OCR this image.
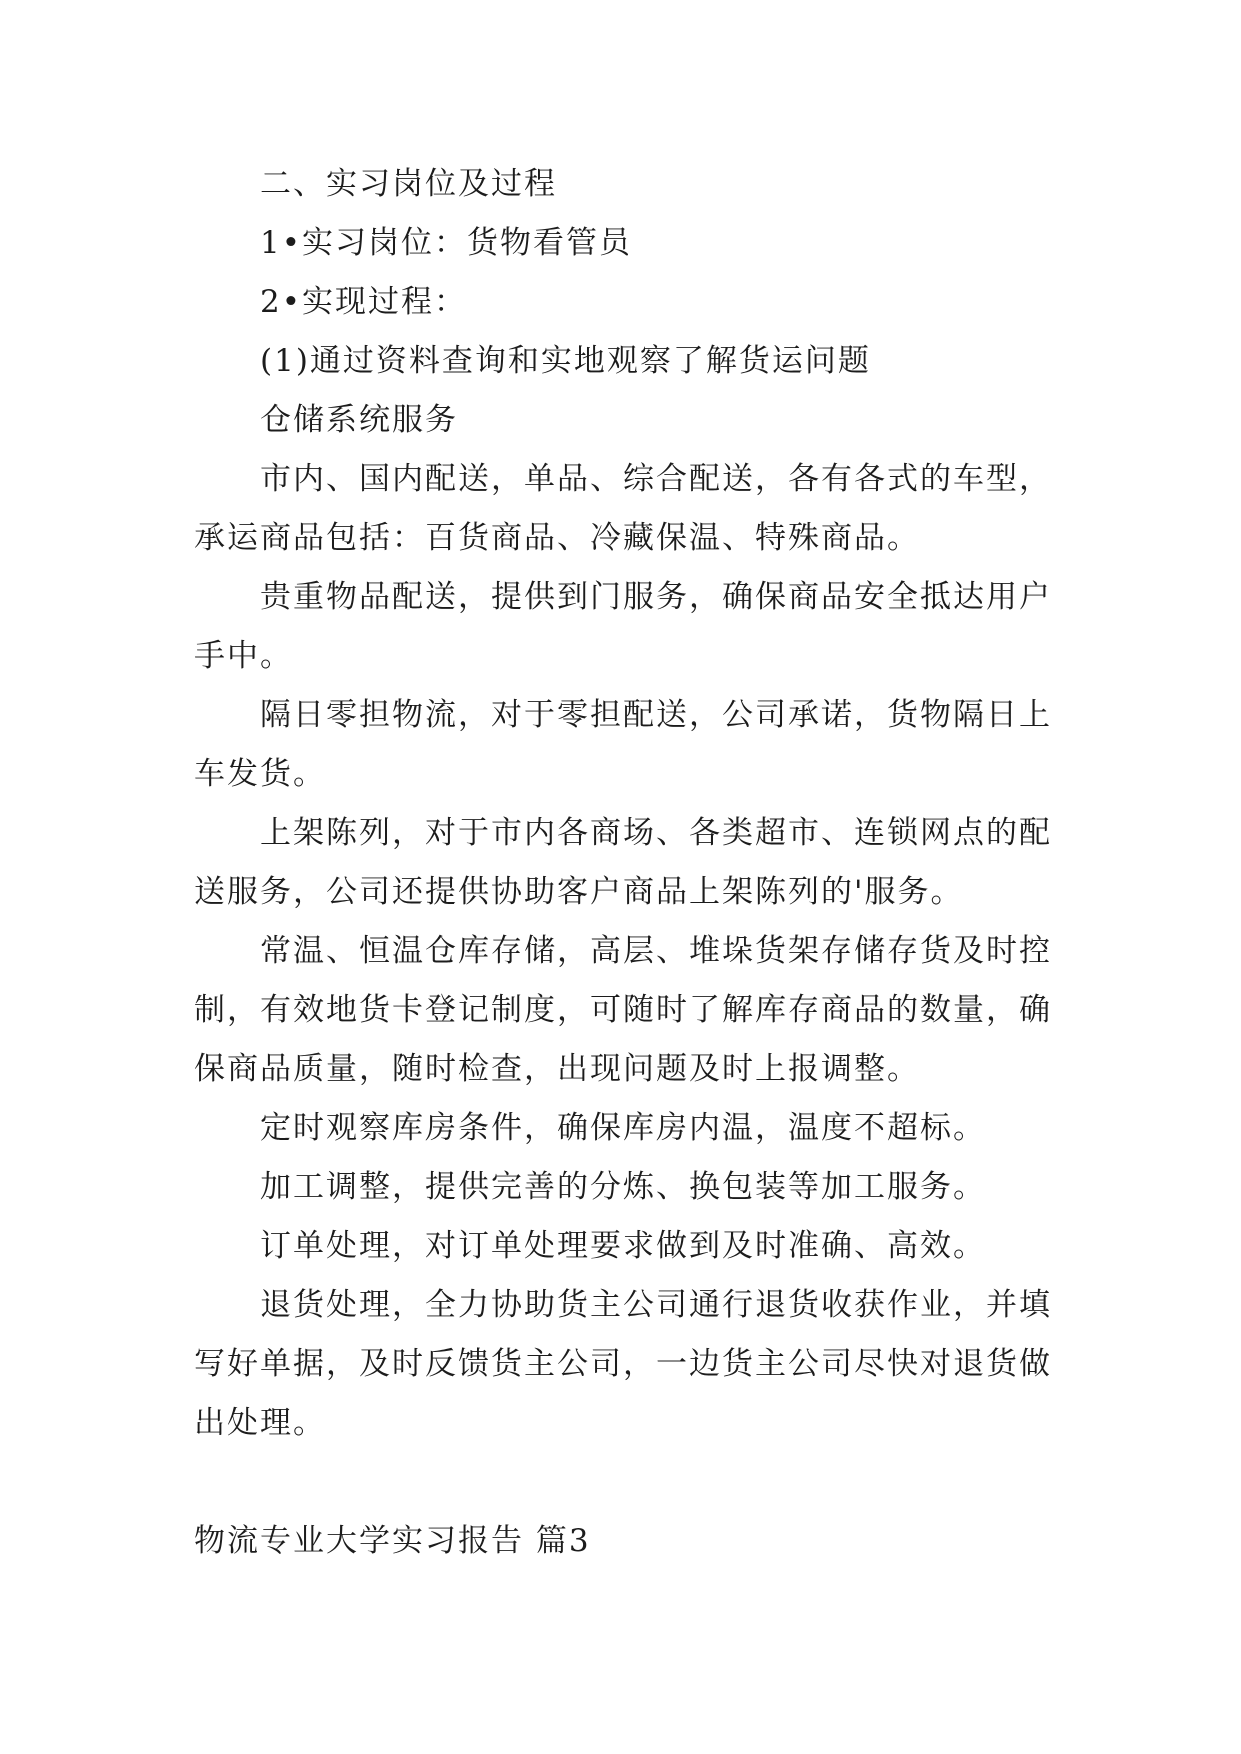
二、实习岗位及过程

1•实习岗位：货物看管员

2•实现过程：

(1)通过资料查询和实地观察了解货运问题

仓储系统服务

市内、国内配送，单品、综合配送，各有各式的车型，承运商品包括：百货商品、冷藏保温、特殊商品。

贵重物品配送，提供到门服务，确保商品安全抵达用户手中。

隔日零担物流，对于零担配送，公司承诺，货物隔日上车发货。

上架陈列，对于市内各商场、各类超市、连锁网点的配送服务，公司还提供协助客户商品上架陈列的'服务。

常温、恒温仓库存储，高层、堆垛货架存储存货及时控制，有效地货卡登记制度，可随时了解库存商品的数量，确保商品质量，随时检查，出现问题及时上报调整。

定时观察库房条件，确保库房内温，温度不超标。

加工调整，提供完善的分炼、换包装等加工服务。

订单处理，对订单处理要求做到及时准确、高效。

退货处理，全力协助货主公司通行退货收获作业，并填写好单据，及时反馈货主公司，一边货主公司尽快对退货做出处理。

物流专业大学实习报告 篇3
